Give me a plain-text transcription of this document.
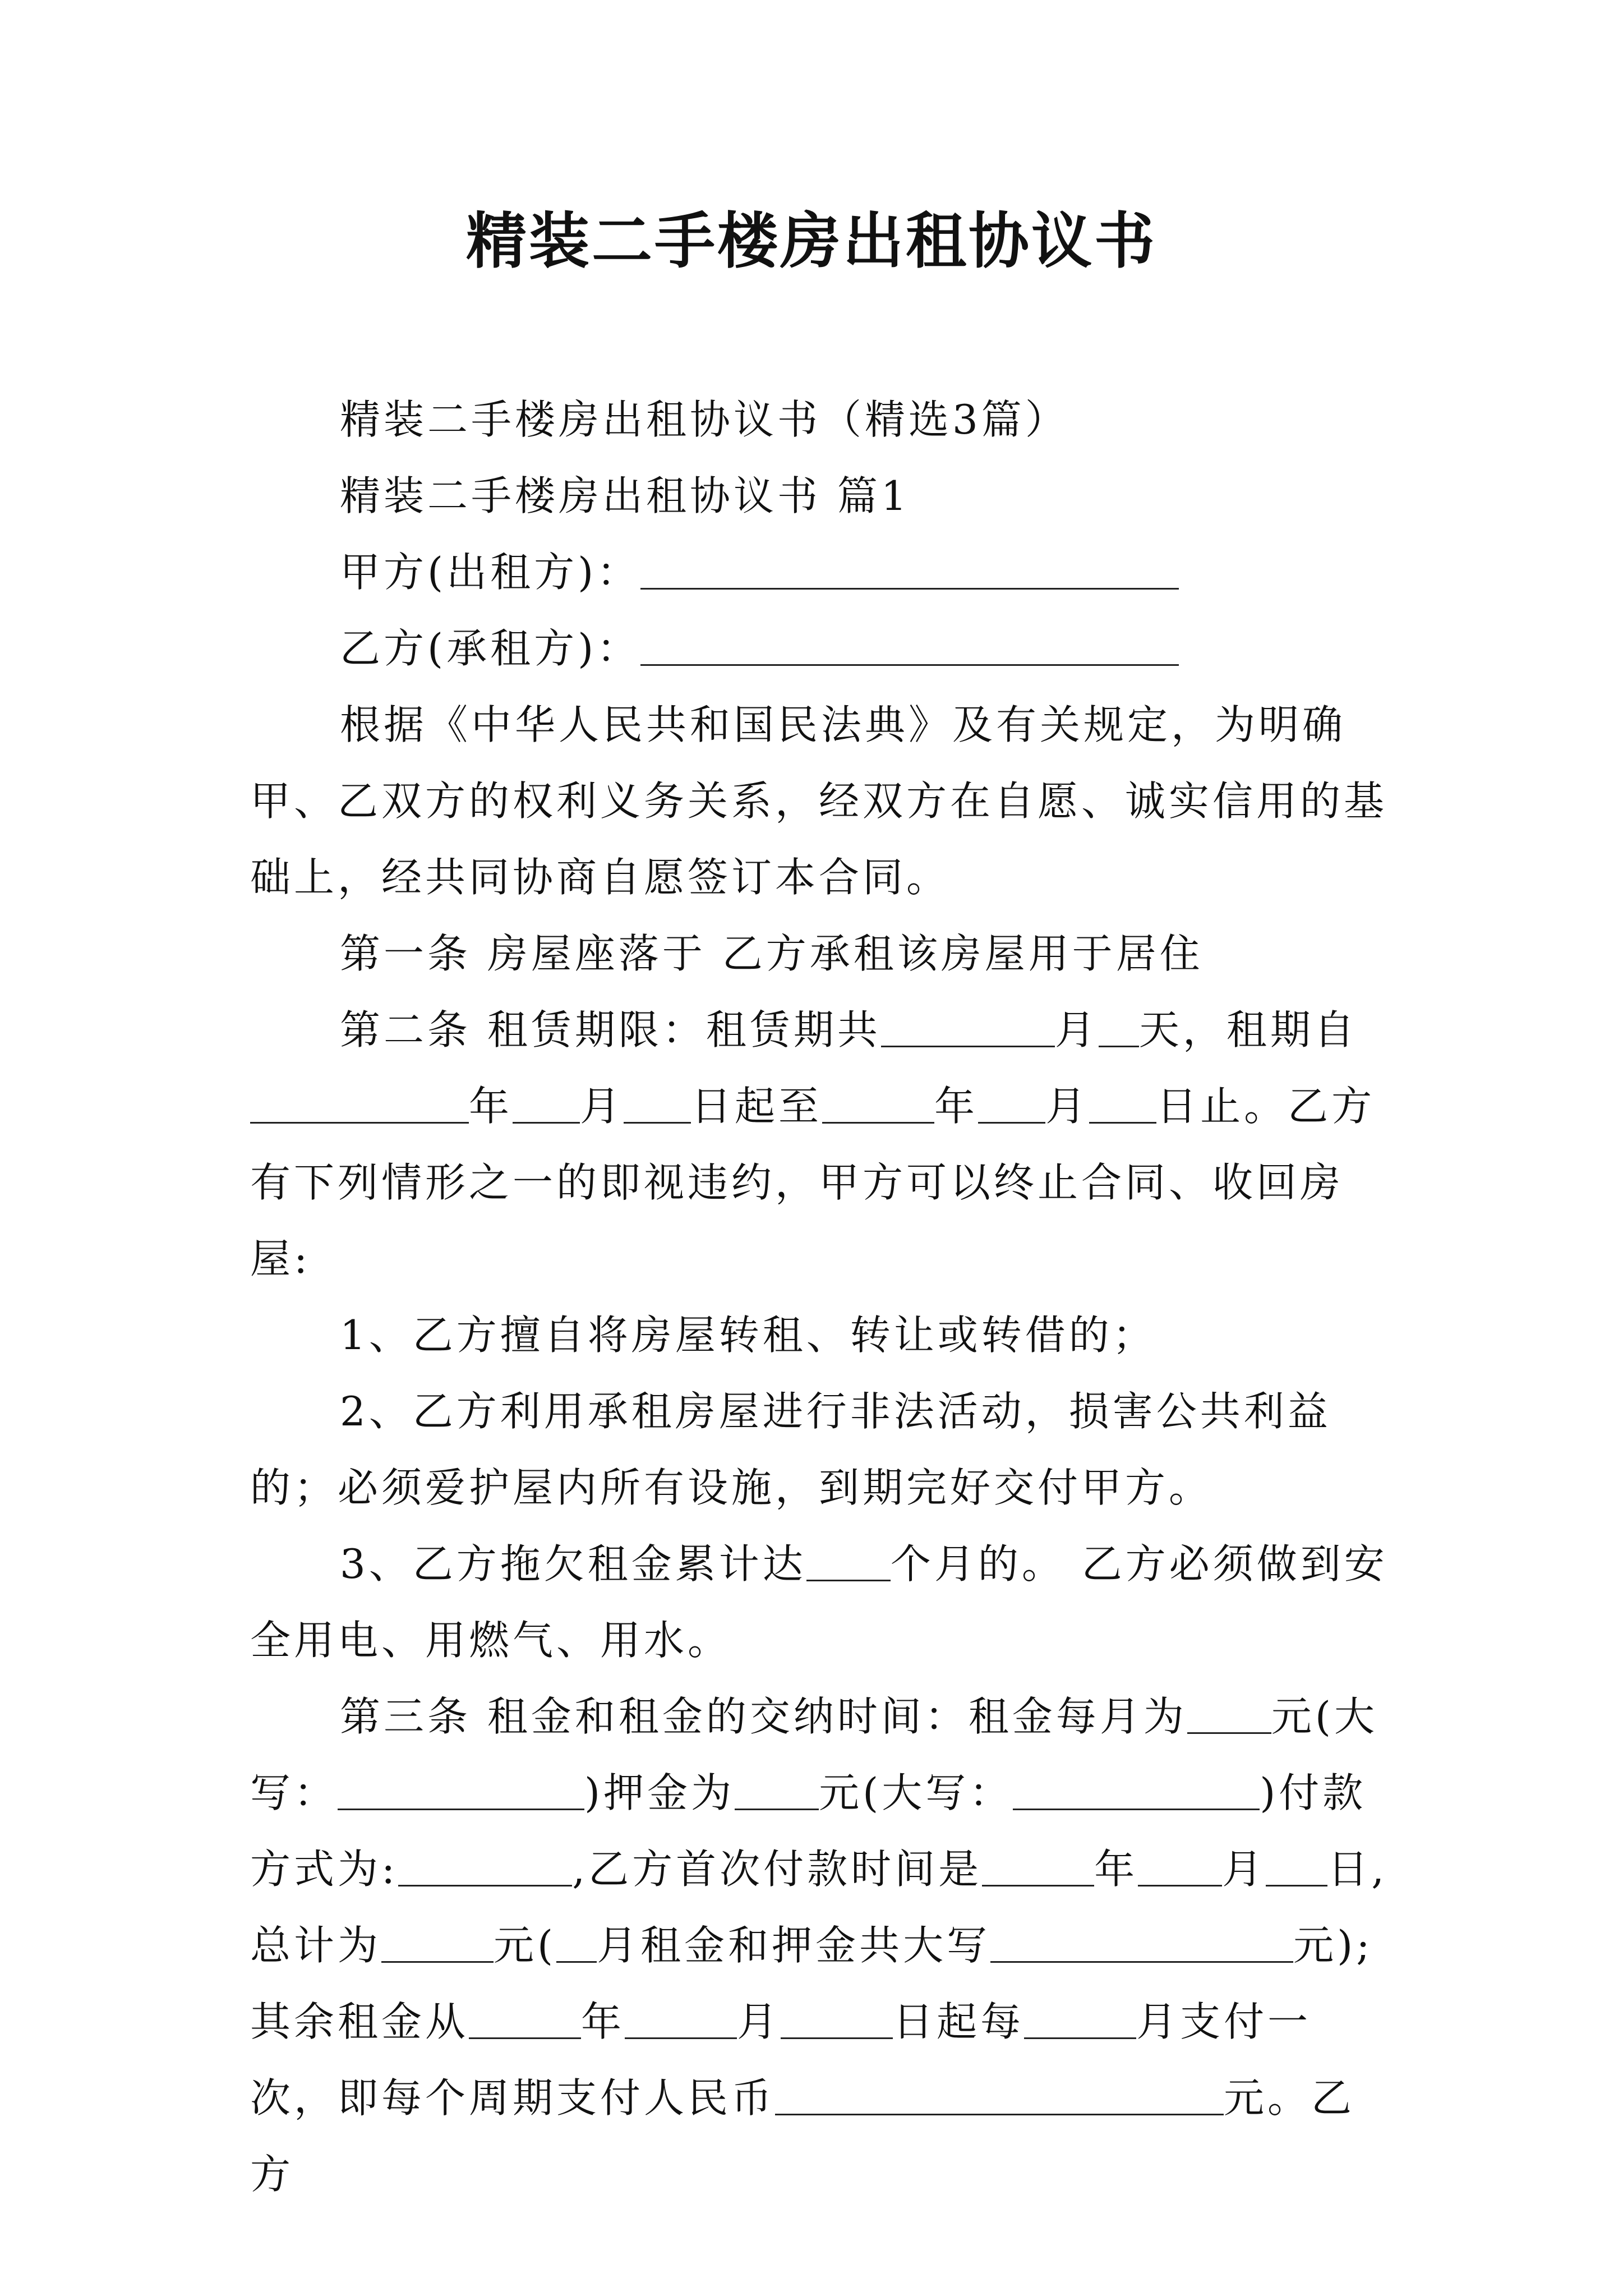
精装二手楼房出租协议书

精装二手楼房出租协议书（精选3篇）

精装二手楼房出租协议书 篇1

甲方(出租方)：

乙方(承租方)：

根据《中华人民共和国民法典》及有关规定，为明确甲、乙双方的权利义务关系，经双方在自愿、诚实信用的基础上，经共同协商自愿签订本合同。

第一条 房屋座落于 乙方承租该房屋用于居住

第二条 租赁期限：租赁期共	月 天，租期自年 月 日起至	年 月 日止。乙方有下列情形之一的即视违约，甲方可以终止合同、收回房屋:

1、乙方擅自将房屋转租、转让或转借的；

2、乙方利用承租房屋进行非法活动，损害公共利益的；必须爱护屋内所有设施，到期完好交付甲方。

3、乙方拖欠租金累计达 个月的。 乙方必须做到安全用电、用燃气、用水。

第三条 租金和租金的交纳时间：租金每月为 元(大写：	)押金为 元(大写：	)付款方式为:	,乙方首次付款时间是	年 月 日,总计为	元( 月租金和押金共大写	元);其余租金从	年	月	日起每	月支付一次，即每个周期支付人民币	元。乙方
